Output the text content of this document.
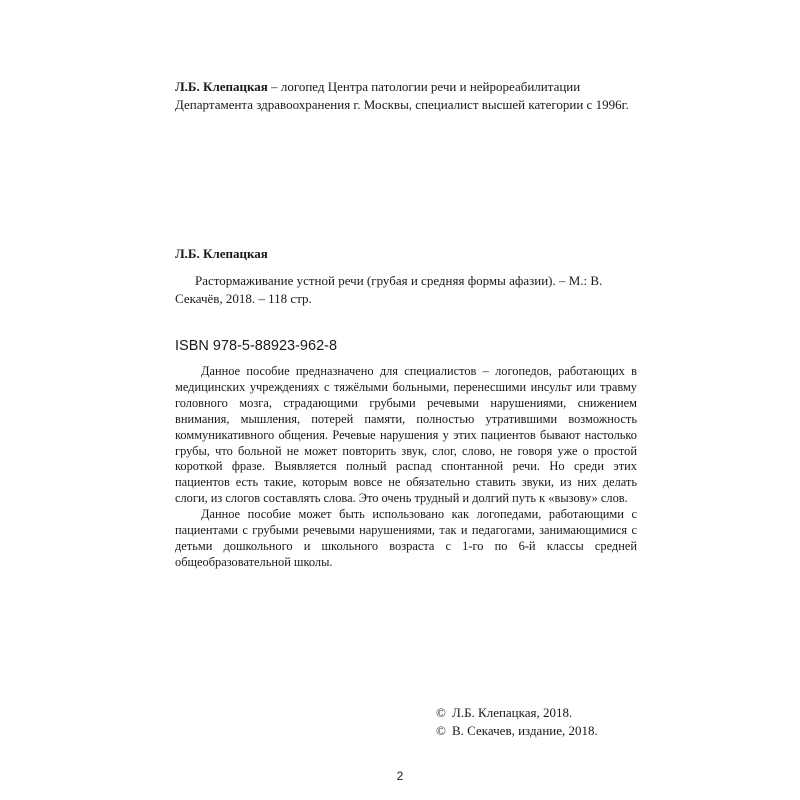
Л.Б. Клепацкая – логопед Центра патологии речи и нейрореабилитации Департамента здравоохранения г. Москвы, специалист высшей категории с 1996г.

Л.Б. Клепацкая

Растормаживание устной речи (грубая и средняя формы афазии). – М.: В. Секачёв, 2018. – 118 стр.

ISBN 978-5-88923-962-8

Данное пособие предназначено для специалистов – логопедов, работающих в медицинских учреждениях с тяжёлыми больными, перенесшими инсульт или травму головного мозга, страдающими грубыми речевыми нарушениями, снижением внимания, мышления, потерей памяти, полностью утратившими возможность коммуникативного общения. Речевые нарушения у этих пациентов бывают настолько грубы, что больной не может повторить звук, слог, слово, не говоря уже о простой короткой фразе. Выявляется полный распад спонтанной речи. Но среди этих пациентов есть такие, которым вовсе не обязательно ставить звуки, из них делать слоги, из слогов составлять слова. Это очень трудный и долгий путь к «вызову» слов.

Данное пособие может быть использовано как логопедами, работающими с пациентами с грубыми речевыми нарушениями, так и педагогами, занимающимися с детьми дошкольного и школьного возраста с 1-го по 6-й классы средней общеобразовательной школы.

© Л.Б. Клепацкая, 2018.
© В. Секачев, издание, 2018.
2
